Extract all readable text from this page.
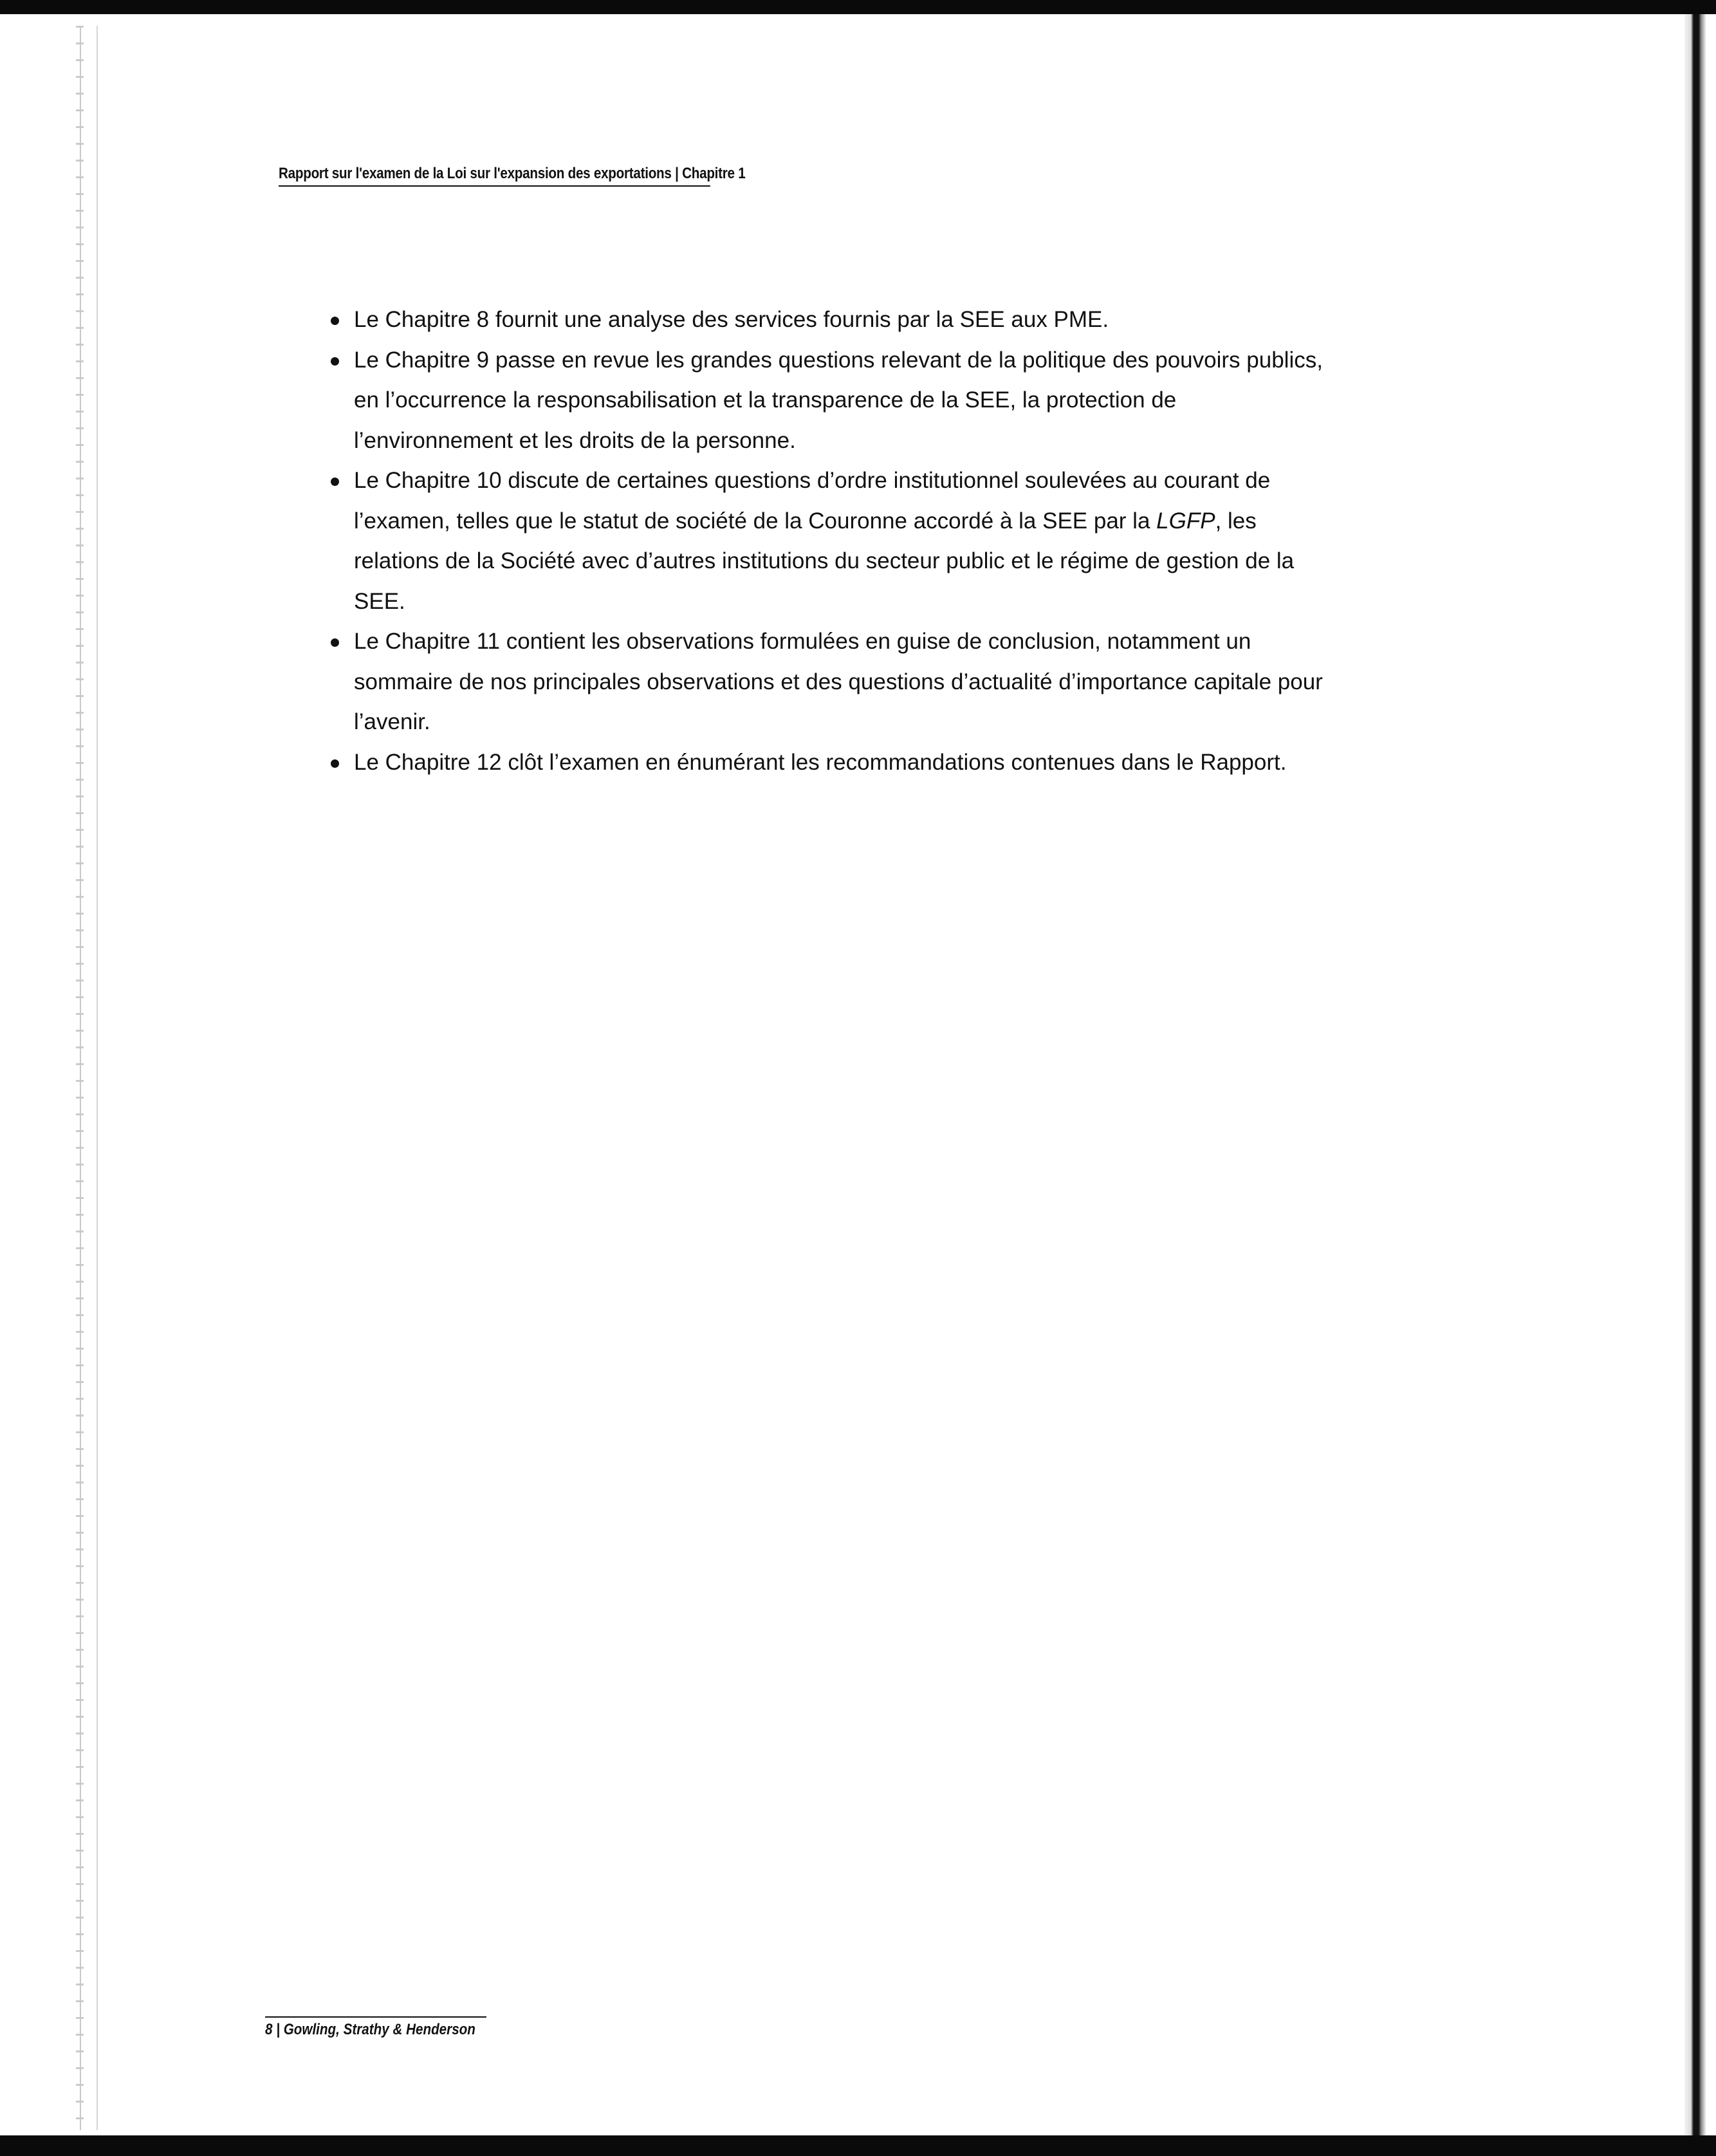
Rapport sur l'examen de la Loi sur l'expansion des exportations | Chapitre 1
Le Chapitre 8 fournit une analyse des services fournis par la SEE aux PME.
Le Chapitre 9 passe en revue les grandes questions relevant de la politique des pouvoirs publics, en l’occurrence la responsabilisation et la transparence de la SEE, la protection de l’environnement et les droits de la personne.
Le Chapitre 10 discute de certaines questions d’ordre institutionnel soulevées au courant de l’examen, telles que le statut de société de la Couronne accordé à la SEE par la LGFP, les relations de la Société avec d’autres institutions du secteur public et le régime de gestion de la SEE.
Le Chapitre 11 contient les observations formulées en guise de conclusion, notamment un sommaire de nos principales observations et des questions d’actualité d’importance capitale pour l’avenir.
Le Chapitre 12 clôt l’examen en énumérant les recommandations contenues dans le Rapport.
8 | Gowling, Strathy & Henderson
